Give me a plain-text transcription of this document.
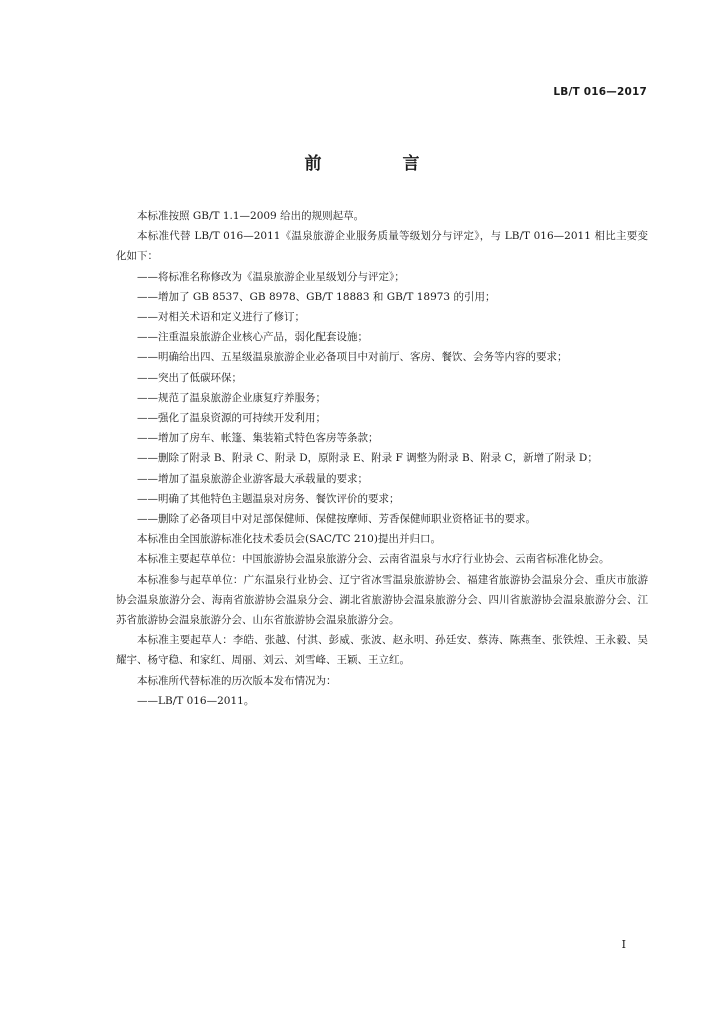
LB/T 016—2017
前　言

本标准按照 GB/T 1.1—2009 给出的规则起草。

本标准代替 LB/T 016—2011《温泉旅游企业服务质量等级划分与评定》，与 LB/T 016—2011 相比主要变化如下：

——将标准名称修改为《温泉旅游企业星级划分与评定》；

——增加了 GB 8537、GB 8978、GB/T 18883 和 GB/T 18973 的引用；

——对相关术语和定义进行了修订；

——注重温泉旅游企业核心产品，弱化配套设施；

——明确给出四、五星级温泉旅游企业必备项目中对前厅、客房、餐饮、会务等内容的要求；

——突出了低碳环保；

——规范了温泉旅游企业康复疗养服务；

——强化了温泉资源的可持续开发利用；

——增加了房车、帐篷、集装箱式特色客房等条款；

——删除了附录 B、附录 C、附录 D，原附录 E、附录 F 调整为附录 B、附录 C，新增了附录 D；

——增加了温泉旅游企业游客最大承载量的要求；

——明确了其他特色主题温泉对房务、餐饮评价的要求；

——删除了必备项目中对足部保健师、保健按摩师、芳香保健师职业资格证书的要求。

本标准由全国旅游标准化技术委员会(SAC/TC 210)提出并归口。

本标准主要起草单位：中国旅游协会温泉旅游分会、云南省温泉与水疗行业协会、云南省标准化协会。

本标准参与起草单位：广东温泉行业协会、辽宁省冰雪温泉旅游协会、福建省旅游协会温泉分会、重庆市旅游协会温泉旅游分会、海南省旅游协会温泉分会、湖北省旅游协会温泉旅游分会、四川省旅游协会温泉旅游分会、江苏省旅游协会温泉旅游分会、山东省旅游协会温泉旅游分会。

本标准主要起草人：李皓、张越、付淇、彭威、张波、赵永明、孙廷安、蔡涛、陈燕奎、张铁煌、王永毅、吴耀宇、杨守稳、和家红、周丽、刘云、刘雪峰、王颖、王立红。

本标准所代替标准的历次版本发布情况为：

——LB/T 016—2011。

I
